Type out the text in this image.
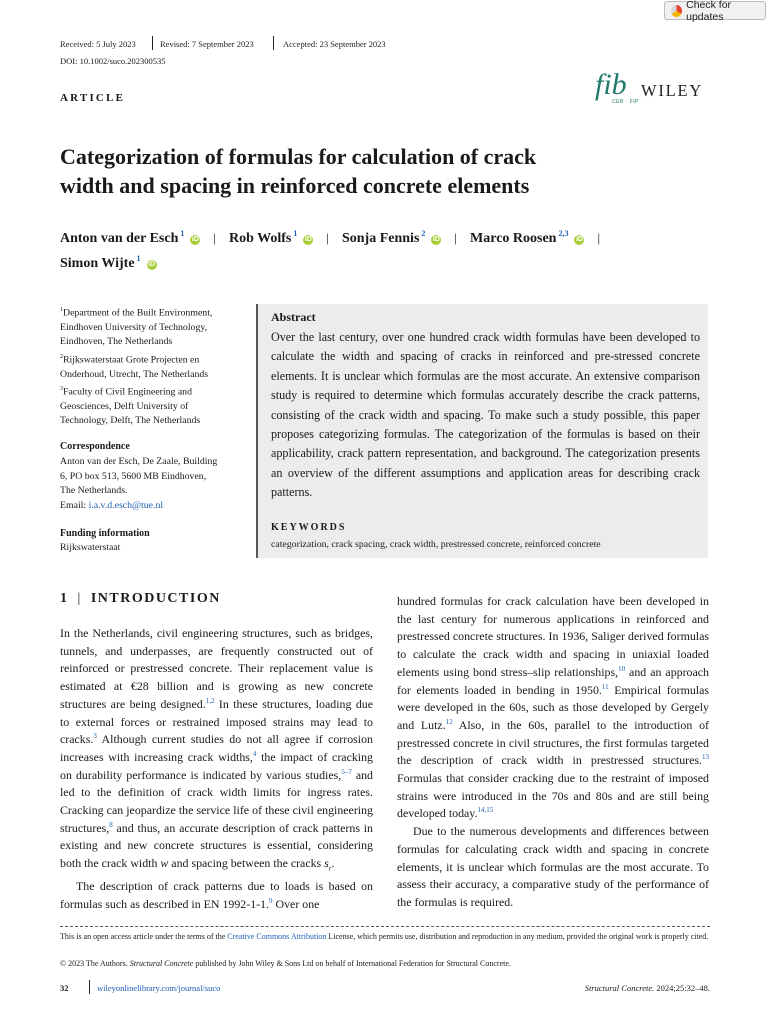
Check for updates
Received: 5 July 2023	Revised: 7 September 2023	Accepted: 23 September 2023
DOI: 10.1002/suco.202300535
ARTICLE	fib
CEB · FIP
WILEY
Categorization of formulas for calculation of crack
width and spacing in reinforced concrete elements
Anton van der Esch $^1$iD | Rob Wolfs $^1$iD | Sonja Fennis $^2$iD | Marco Roosen $^{2,3}$iD |
Simon Wijte $^1$iD
$^1$Department of the Built Environment,
Eindhoven University of Technology,
Eindhoven, The Netherlands
$^2$Rijkswaterstaat Grote Projecten en
Onderhoud, Utrecht, The Netherlands
$^3$Faculty of Civil Engineering and
Geosciences, Delft University of
Technology, Delft, The Netherlands
Correspondence
Anton van der Esch, De Zaale, Building
6, PO box 513, 5600 MB Eindhoven,
The Netherlands.
Email: i.a.v.d.esch@tue.nl
Funding information
Rijkswaterstaat
Abstract
Over the last century, over one hundred crack width formulas have been developed to calculate the width and spacing of cracks in reinforced and pre-stressed concrete elements. It is unclear which formulas are the most accurate. An extensive comparison study is required to determine which formulas accurately describe the crack patterns, consisting of the crack width and spacing. To make such a study possible, this paper proposes categorizing formulas. The categorization of the formulas is based on their applicability, crack pattern representation, and background. The categorization presents an overview of the different assumptions and application areas for describing crack patterns.
KEYWORDS
categorization, crack spacing, crack width, prestressed concrete, reinforced concrete
1 | INTRODUCTION

In the Netherlands, civil engineering structures, such as bridges, tunnels, and underpasses, are frequently constructed out of reinforced or prestressed concrete. Their replacement value is estimated at €28 billion and is growing as new concrete structures are being designed.$^{1,2}$ In these structures, loading due to external forces or restrained imposed strains may lead to cracks.$^3$ Although current studies do not all agree if corrosion increases with increasing crack widths,$^4$ the impact of cracking on durability performance is indicated by various studies,$^{5-7}$ and led to the definition of crack width limits for ingress rates. Cracking can jeopardize the service life of these civil engineering structures,$^8$ and thus, an accurate description of crack patterns in existing and new concrete structures is essential, considering both the crack width w and spacing between the cracks $s_r$.

The description of crack patterns due to loads is based on formulas such as described in EN 1992-1-1.$^9$ Over one

hundred formulas for crack calculation have been developed in the last century for numerous applications in reinforced and prestressed concrete structures. In 1936, Saliger derived formulas to calculate the crack width and spacing in uniaxial loaded elements using bond stress–slip relationships,$^{10}$ and an approach for elements loaded in bending in 1950.11 Empirical formulas were developed in the 60s, such as those developed by Gergely and Lutz.$^{12}$ Also, in the 60s, parallel to the introduction of prestressed concrete in civil structures, the first formulas targeted the description of crack width in prestressed structures.$^{13}$ Formulas that consider cracking due to the restraint of imposed strains were introduced in the 70s and 80s and are still being developed today.$^{14,15}$

Due to the numerous developments and differences between formulas for calculating crack width and spacing in concrete elements, it is unclear which formulas are the most accurate. To assess their accuracy, a comparative study of the performance of the formulas is required.

This is an open access article under the terms of the Creative Commons Attribution License, which permits use, distribution and reproduction in any medium, provided the original work is properly cited.
© 2023 The Authors. Structural Concrete published by John Wiley & Sons Ltd on behalf of International Federation for Structural Concrete.
32	wileyonlinelibrary.com/journal/suco	Structural Concrete. 2024;25:32–48.
